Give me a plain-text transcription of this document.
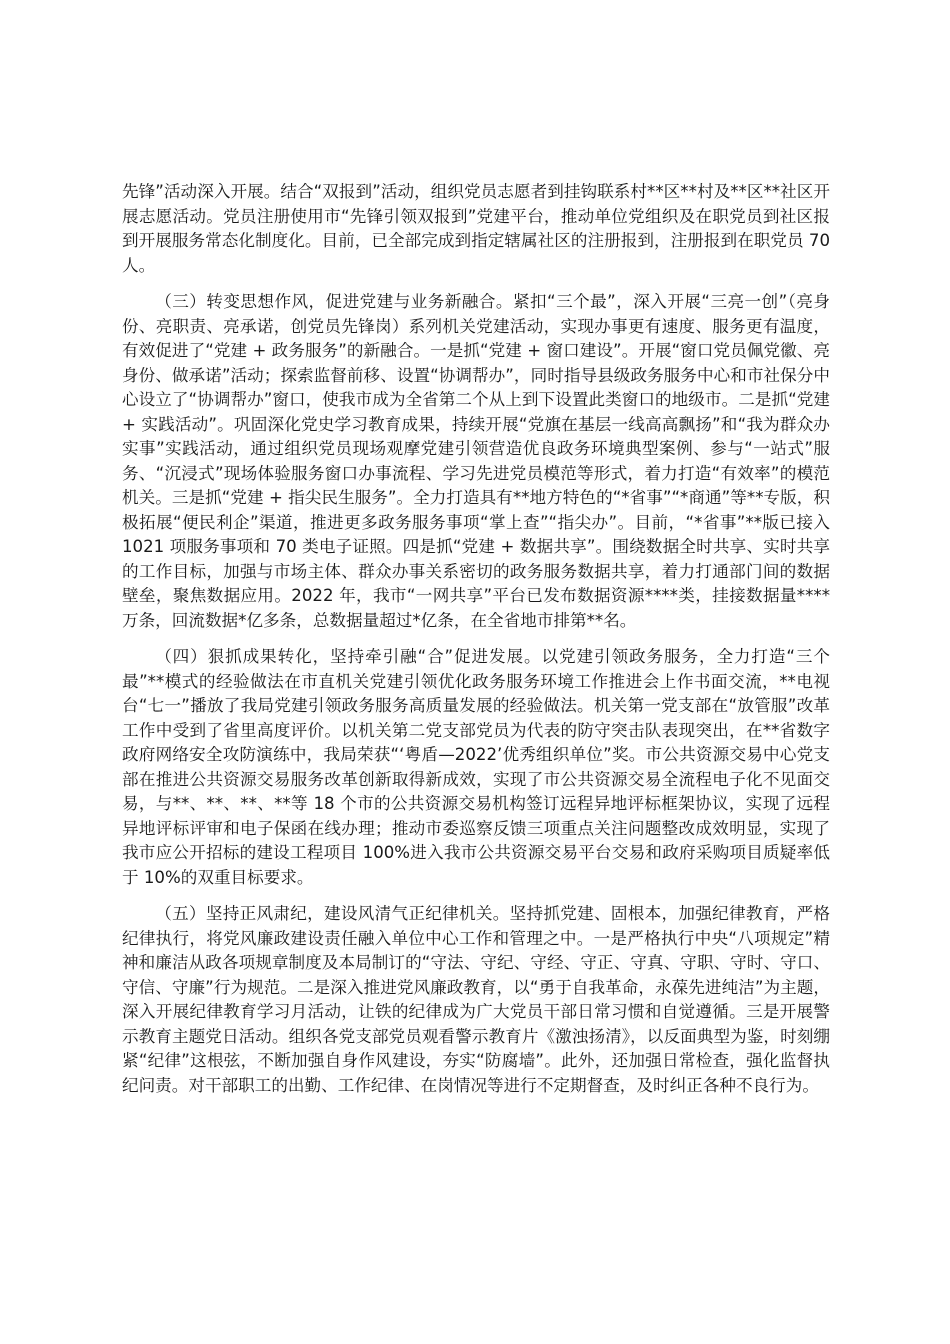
先锋”活动深入开展。结合“双报到”活动，组织党员志愿者到挂钩联系村**区**村及**区**社区开展志愿活动。党员注册使用市“先锋引领双报到”党建平台，推动单位党组织及在职党员到社区报到开展服务常态化制度化。目前，已全部完成到指定辖属社区的注册报到，注册报到在职党员 70 人。

（三）转变思想作风，促进党建与业务新融合。紧扣“三个最”，深入开展“三亮一创”（亮身份、亮职责、亮承诺，创党员先锋岗）系列机关党建活动，实现办事更有速度、服务更有温度，有效促进了“党建 + 政务服务”的新融合。一是抓“党建 + 窗口建设”。开展“窗口党员佩党徽、亮身份、做承诺”活动；探索监督前移、设置“协调帮办”，同时指导县级政务服务中心和市社保分中心设立了“协调帮办”窗口，使我市成为全省第二个从上到下设置此类窗口的地级市。二是抓“党建 + 实践活动”。巩固深化党史学习教育成果，持续开展“党旗在基层一线高高飘扬”和“我为群众办实事”实践活动，通过组织党员现场观摩党建引领营造优良政务环境典型案例、参与“一站式”服务、“沉浸式”现场体验服务窗口办事流程、学习先进党员模范等形式，着力打造“有效率”的模范机关。三是抓“党建 + 指尖民生服务”。全力打造具有**地方特色的“*省事”“*商通”等**专版，积极拓展“便民利企”渠道，推进更多政务服务事项“掌上查”“指尖办”。目前，“*省事”**版已接入 1021 项服务事项和 70 类电子证照。四是抓“党建 + 数据共享”。围绕数据全时共享、实时共享的工作目标，加强与市场主体、群众办事关系密切的政务服务数据共享，着力打通部门间的数据壁垒，聚焦数据应用。2022 年，我市“一网共享”平台已发布数据资源****类，挂接数据量****万条，回流数据*亿多条，总数据量超过*亿条，在全省地市排第**名。

（四）狠抓成果转化，坚持牵引融“合”促进发展。以党建引领政务服务，全力打造“三个最”**模式的经验做法在市直机关党建引领优化政务服务环境工作推进会上作书面交流，**电视台“七一”播放了我局党建引领政务服务高质量发展的经验做法。机关第一党支部在“放管服”改革工作中受到了省里高度评价。以机关第二党支部党员为代表的防守突击队表现突出，在**省数字政府网络安全攻防演练中，我局荣获“‘粤盾—2022’优秀组织单位”奖。市公共资源交易中心党支部在推进公共资源交易服务改革创新取得新成效，实现了市公共资源交易全流程电子化不见面交易，与**、**、**、**等 18 个市的公共资源交易机构签订远程异地评标框架协议，实现了远程异地评标评审和电子保函在线办理；推动市委巡察反馈三项重点关注问题整改成效明显，实现了我市应公开招标的建设工程项目 100%进入我市公共资源交易平台交易和政府采购项目质疑率低于 10%的双重目标要求。

（五）坚持正风肃纪，建设风清气正纪律机关。坚持抓党建、固根本，加强纪律教育，严格纪律执行，将党风廉政建设责任融入单位中心工作和管理之中。一是严格执行中央“八项规定”精神和廉洁从政各项规章制度及本局制订的“守法、守纪、守经、守正、守真、守职、守时、守口、守信、守廉”行为规范。二是深入推进党风廉政教育，以“勇于自我革命，永葆先进纯洁”为主题，深入开展纪律教育学习月活动，让铁的纪律成为广大党员干部日常习惯和自觉遵循。三是开展警示教育主题党日活动。组织各党支部党员观看警示教育片《激浊扬清》，以反面典型为鉴，时刻绷紧“纪律”这根弦，不断加强自身作风建设，夯实“防腐墙”。此外，还加强日常检查，强化监督执纪问责。对干部职工的出勤、工作纪律、在岗情况等进行不定期督查，及时纠正各种不良行为。
